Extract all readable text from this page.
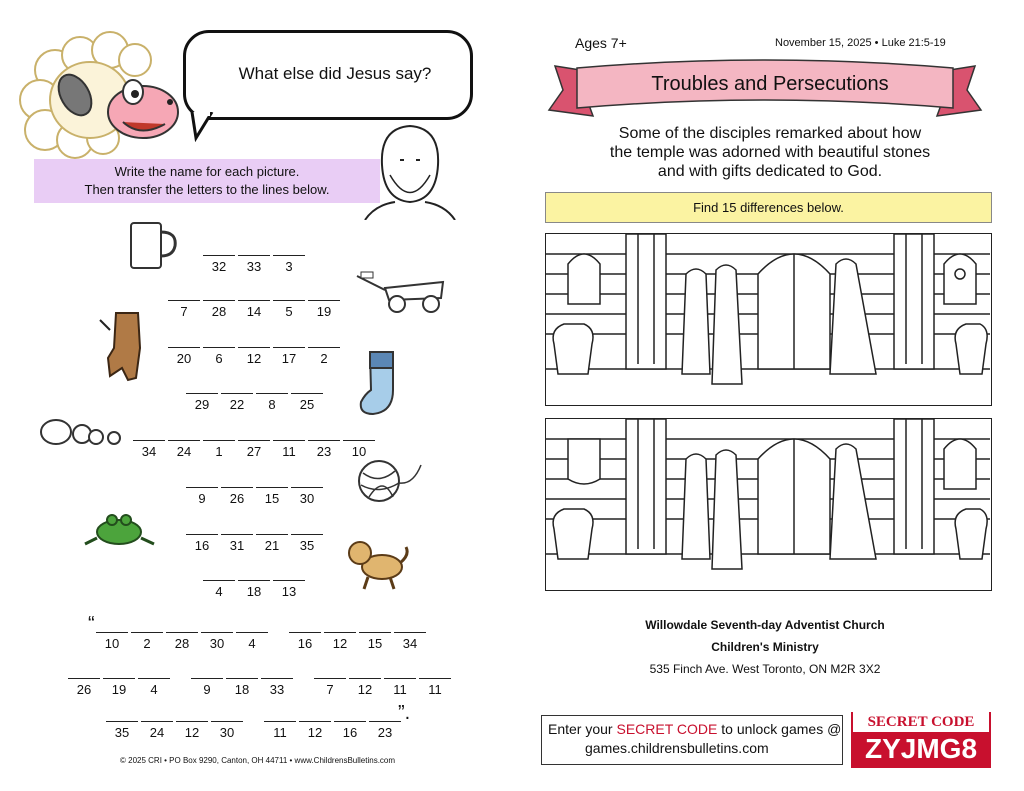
What else did Jesus say?
Write the name for each picture.
Then transfer the letters to the lines below.
32	33	3
7	28	14	5	19
20	6	12	17	2
29	22	8	25
34	24	1	27	11	23	10
9	26	15	30
16	31	21	35
4	18	13
“
10	2	28	30	4	16	12	15	34
26	19	4	9	18	33	7	12	11	11
35	24	12	30	11	12	16	23
”.
© 2025 CRI • PO Box 9290, Canton, OH 44711 • www.ChildrensBulletins.com
Ages 7+	November 15, 2025 • Luke 21:5-19
Troubles and Persecutions
Some of the disciples remarked about how
the temple was adorned with beautiful stones
and with gifts dedicated to God.
Find 15 differences below.
Willowdale Seventh-day Adventist Church
Children's Ministry
535 Finch Ave. West Toronto, ON M2R 3X2
Enter your SECRET CODE to unlock games @
games.childrensbulletins.com
SECRET CODE
ZYJMG8
